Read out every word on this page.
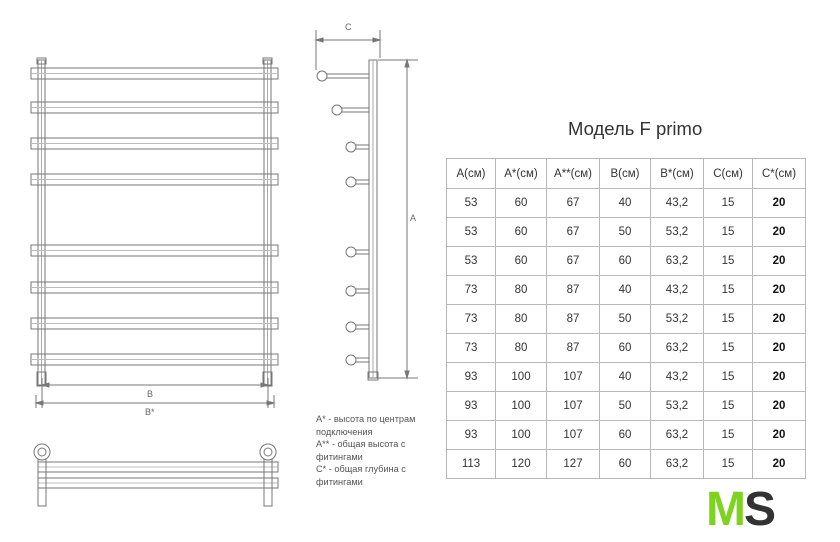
C
A
B
B*
A* - высота по центрам
подключения
A** - общая высота с
фитингами
С* - общая глубина с
фитингами
Модель F primo
A(см)	A*(см)	A**(см)	B(см)	B*(см)	C(см)	C*(см)
53	60	67	40	43,2	15	20
53	60	67	50	53,2	15	20
53	60	67	60	63,2	15	20
73	80	87	40	43,2	15	20
73	80	87	50	53,2	15	20
73	80	87	60	63,2	15	20
93	100	107	40	43,2	15	20
93	100	107	50	53,2	15	20
93	100	107	60	63,2	15	20
113	120	127	60	63,2	15	20
M
S
